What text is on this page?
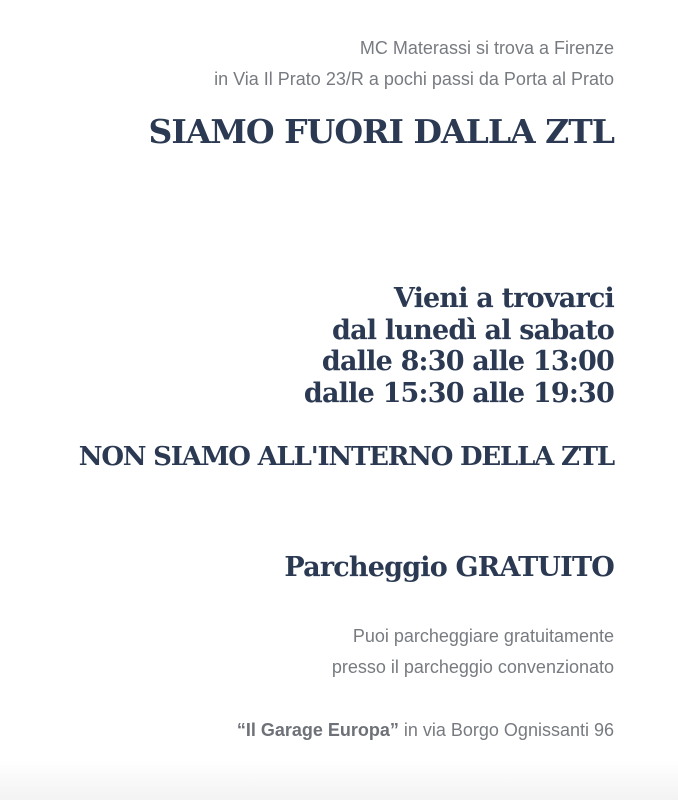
MC Materassi si trova a Firenze
in Via Il Prato 23/R a pochi passi da Porta al Prato
SIAMO FUORI DALLA ZTL
Vieni a trovarci
dal lunedì al sabato
dalle 8:30 alle 13:00
dalle 15:30 alle 19:30
NON SIAMO ALL'INTERNO DELLA ZTL
Parcheggio GRATUITO
Puoi parcheggiare gratuitamente
presso il parcheggio convenzionato
“Il Garage Europa” in via Borgo Ognissanti 96
